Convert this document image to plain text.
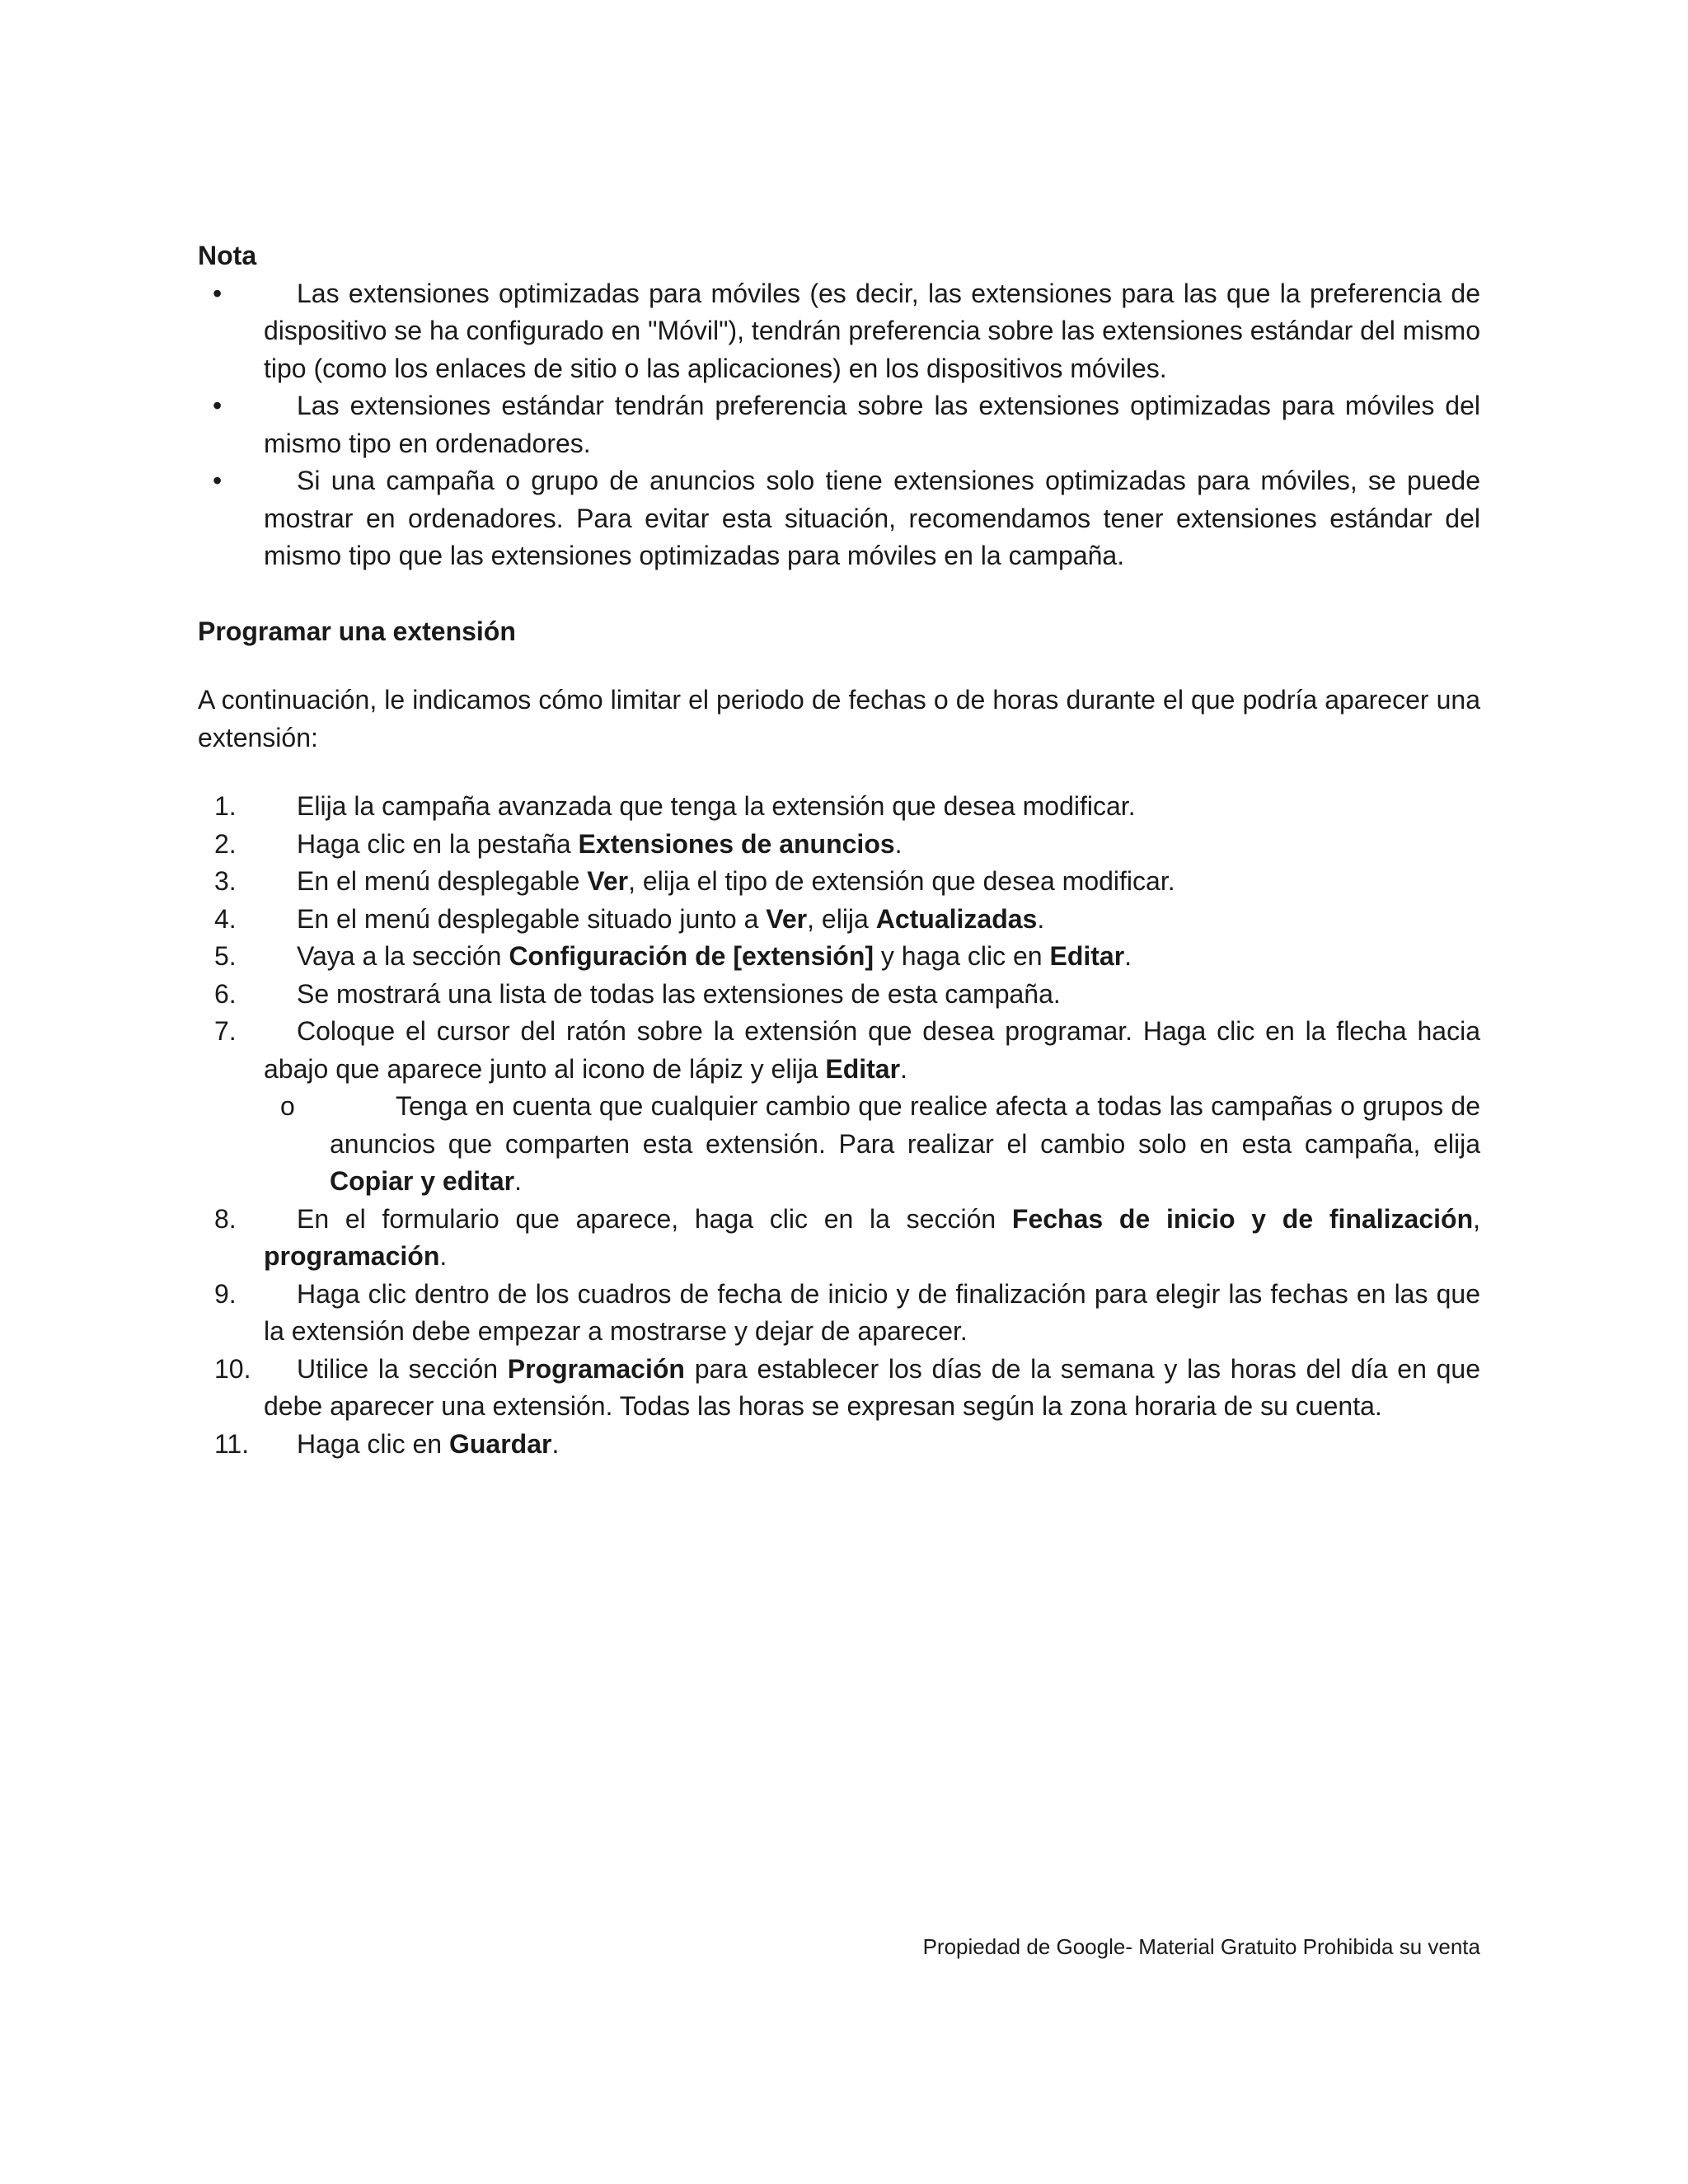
Nota

•	Las extensiones optimizadas para móviles (es decir, las extensiones para las que la preferencia de dispositivo se ha configurado en "Móvil"), tendrán preferencia sobre las extensiones estándar del mismo tipo (como los enlaces de sitio o las aplicaciones) en los dispositivos móviles.
•	Las extensiones estándar tendrán preferencia sobre las extensiones optimizadas para móviles del mismo tipo en ordenadores.
•	Si una campaña o grupo de anuncios solo tiene extensiones optimizadas para móviles, se puede mostrar en ordenadores. Para evitar esta situación, recomendamos tener extensiones estándar del mismo tipo que las extensiones optimizadas para móviles en la campaña.

Programar una extensión

A continuación, le indicamos cómo limitar el periodo de fechas o de horas durante el que podría aparecer una extensión:

1.	Elija la campaña avanzada que tenga la extensión que desea modificar.
2.	Haga clic en la pestaña Extensiones de anuncios.
3.	En el menú desplegable Ver, elija el tipo de extensión que desea modificar.
4.	En el menú desplegable situado junto a Ver, elija Actualizadas.
5.	Vaya a la sección Configuración de [extensión] y haga clic en Editar.
6.	Se mostrará una lista de todas las extensiones de esta campaña.
7.	Coloque el cursor del ratón sobre la extensión que desea programar. Haga clic en la flecha hacia abajo que aparece junto al icono de lápiz y elija Editar.
o	Tenga en cuenta que cualquier cambio que realice afecta a todas las campañas o grupos de anuncios que comparten esta extensión. Para realizar el cambio solo en esta campaña, elija Copiar y editar.
8.	En el formulario que aparece, haga clic en la sección Fechas de inicio y de finalización, programación.
9.	Haga clic dentro de los cuadros de fecha de inicio y de finalización para elegir las fechas en las que la extensión debe empezar a mostrarse y dejar de aparecer.
10.	Utilice la sección Programación para establecer los días de la semana y las horas del día en que debe aparecer una extensión. Todas las horas se expresan según la zona horaria de su cuenta.
11.	Haga clic en Guardar.
Propiedad de Google- Material Gratuito Prohibida su venta
